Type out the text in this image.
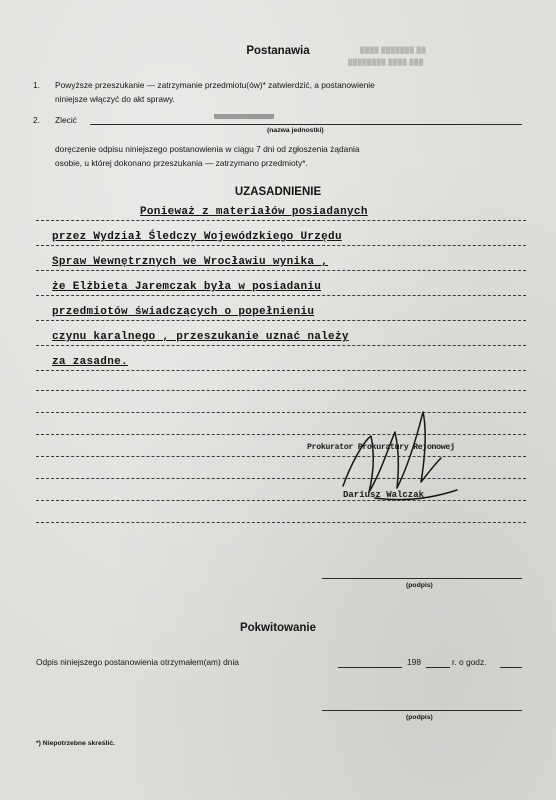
████ ███████ ██
████████ ████ ███
Postanawia
1. Powyższe przeszukanie — zatrzymanie przedmiotu(ów)* zatwierdzić, a postanowienie
niniejsze włączyć do akt sprawy.
2. Zlecić
(nazwa jednostki)
doręczenie odpisu niniejszego postanowienia w ciągu 7 dni od zgłoszenia żądania
osobie, u której dokonano przeszukania — zatrzymano przedmioty*.
UZASADNIENIE
Ponieważ z materiałów posiadanych
przez Wydział Śledczy Wojewódzkiego Urzędu
Spraw Wewnętrznych we Wrocławiu wynika ,
że Elżbieta Jaremczak była w posiadaniu
przedmiotów świadczących o popełnieniu
czynu karalnego , przeszukanie uznać należy
za zasadne.
Prokurator Prokuratury Rejonowej
Dariusz Walczak
(podpis)
Pokwitowanie
Odpis niniejszego postanowienia otrzymałem(am) dnia	198	r. o godz.
(podpis)
*) Niepotrzebne skreślić.
